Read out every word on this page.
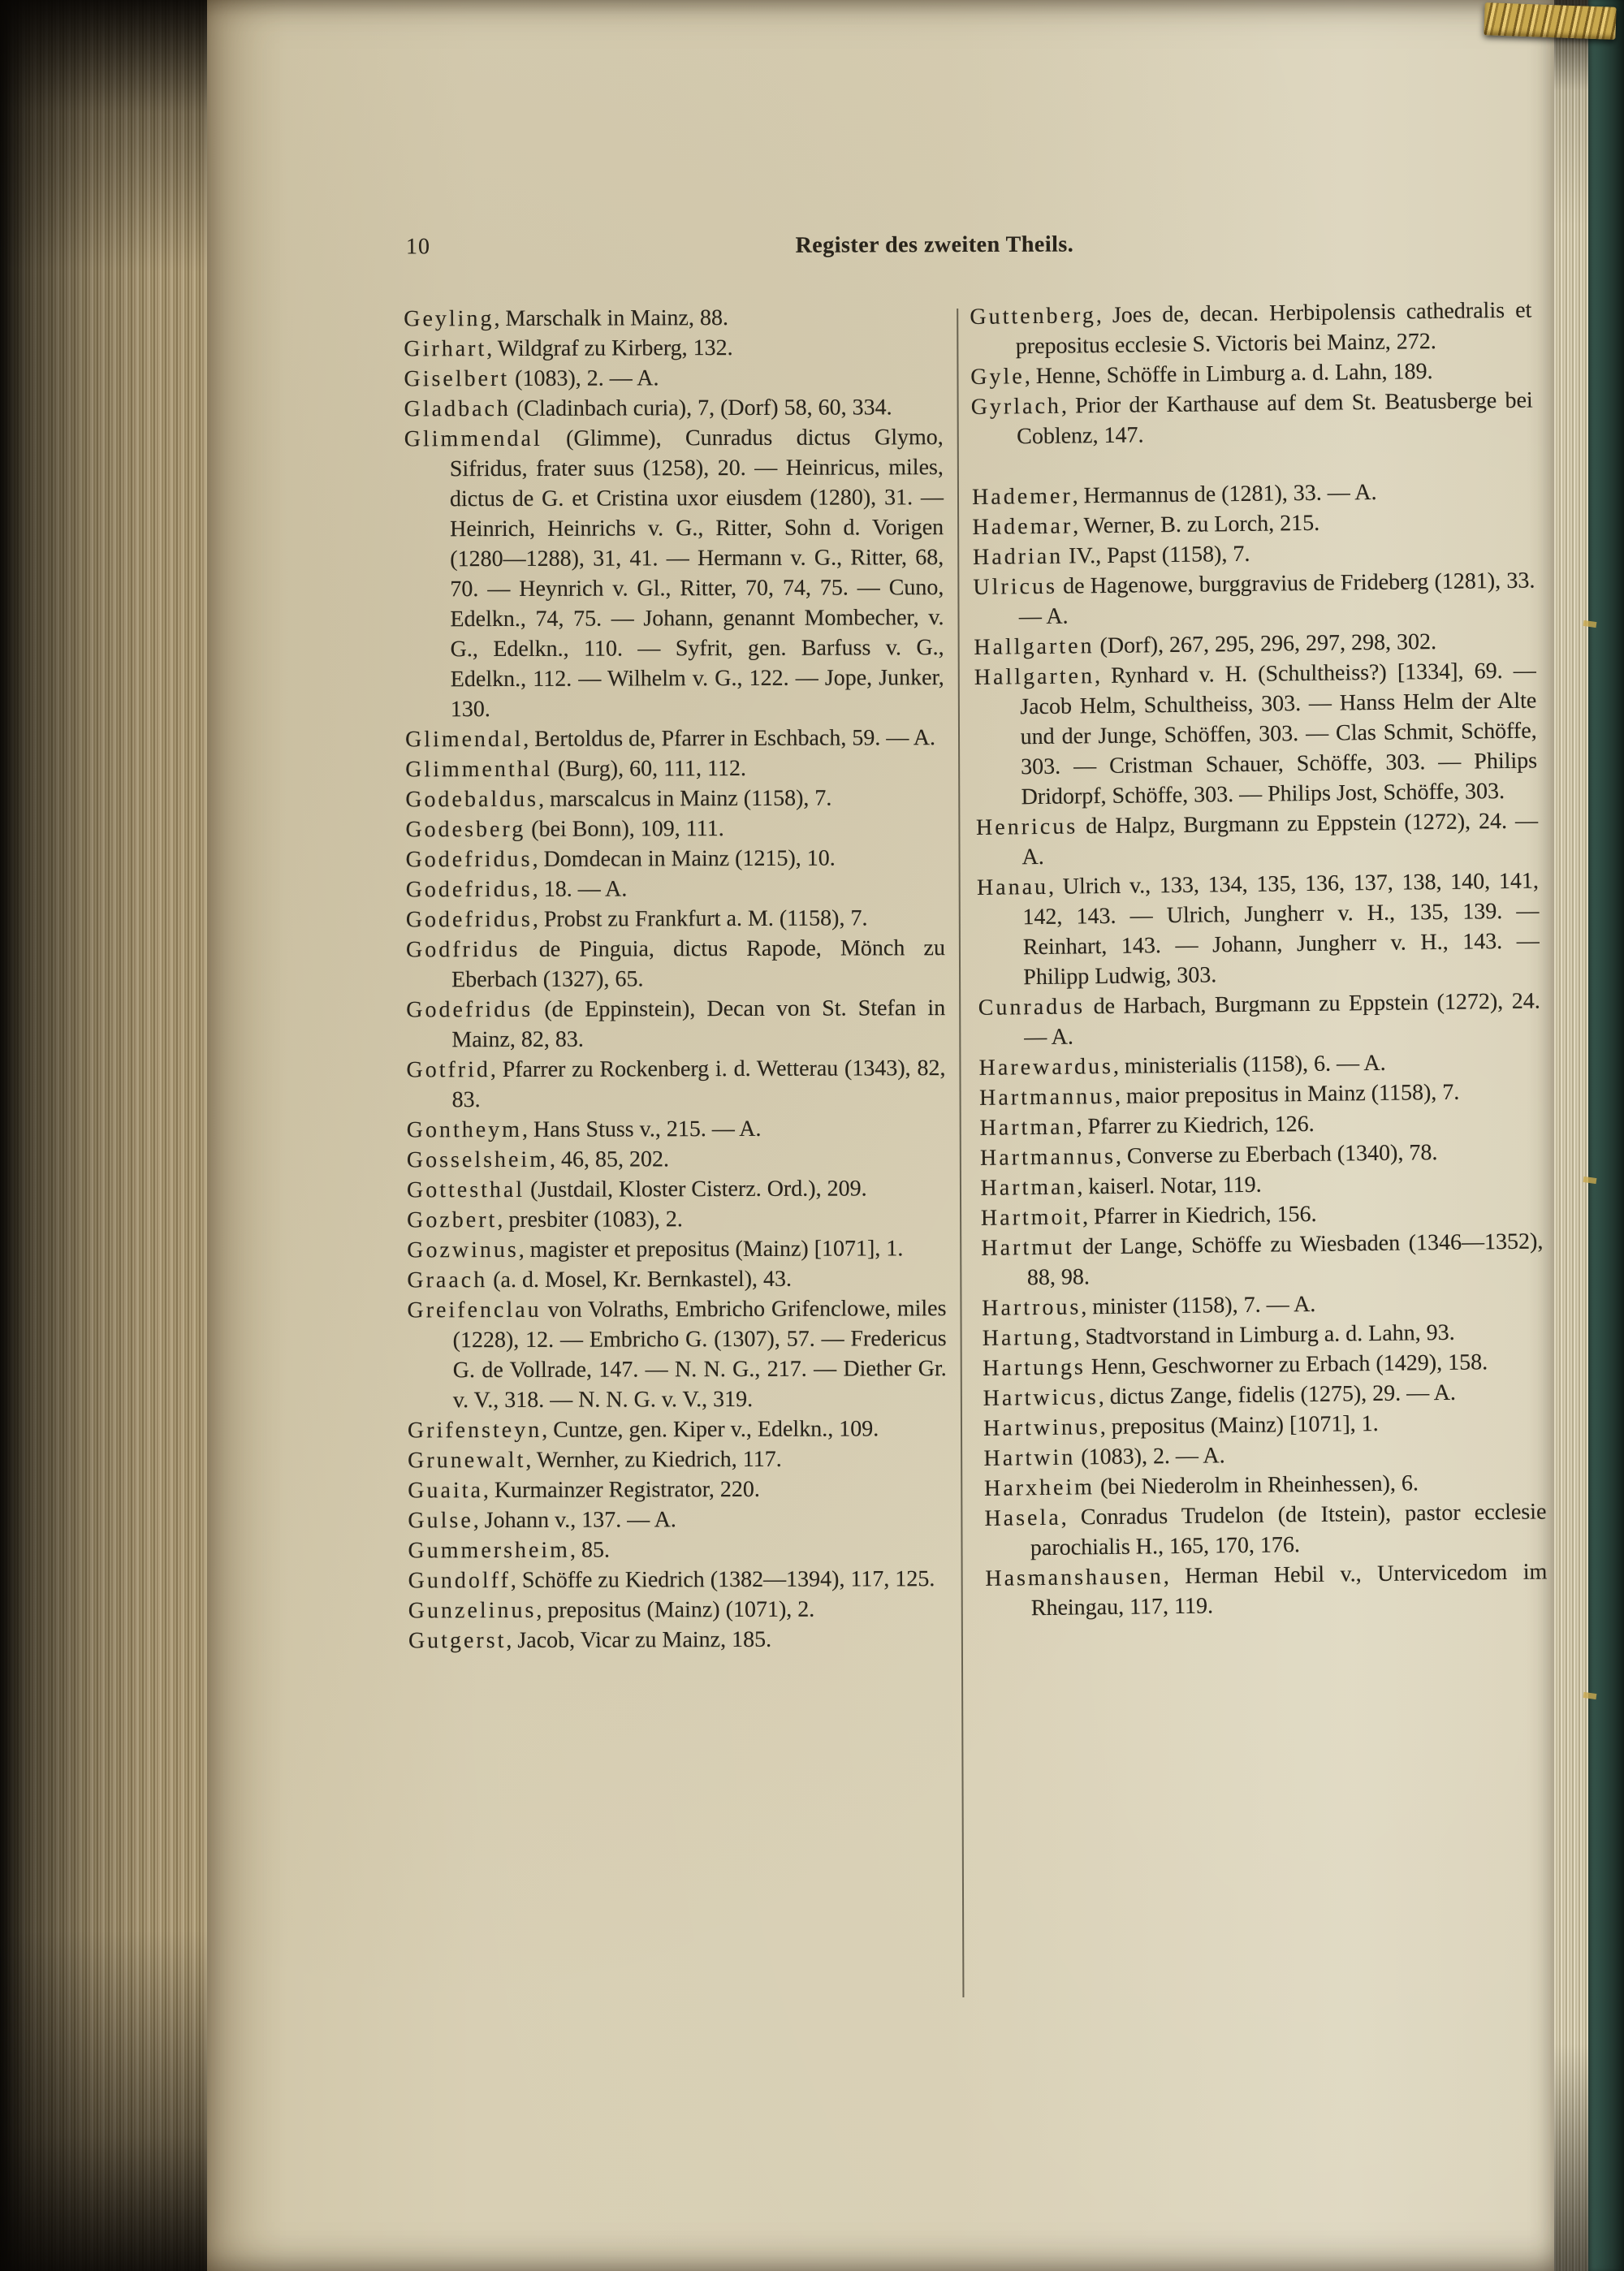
10	Register des zweiten Theils.
Geyling, Marschalk in Mainz, 88.
Girhart, Wildgraf zu Kirberg, 132.
Giselbert (1083), 2. — A.
Gladbach (Cladinbach curia), 7, (Dorf) 58, 60, 334.
Glimmendal (Glimme), Cunradus dictus Glymo, Sifridus, frater suus (1258), 20. — Heinricus, miles, dictus de G. et Cristina uxor eiusdem (1280), 31. — Heinrich, Heinrichs v. G., Ritter, Sohn d. Vorigen (1280—1288), 31, 41. — Hermann v. G., Ritter, 68, 70. — Heynrich v. Gl., Ritter, 70, 74, 75. — Cuno, Edelkn., 74, 75. — Johann, genannt Mombecher, v. G., Edelkn., 110. — Syfrit, gen. Barfuss v. G., Edelkn., 112. — Wilhelm v. G., 122. — Jope, Junker, 130.
Glimendal, Bertoldus de, Pfarrer in Eschbach, 59. — A.
Glimmenthal (Burg), 60, 111, 112.
Godebaldus, marscalcus in Mainz (1158), 7.
Godesberg (bei Bonn), 109, 111.
Godefridus, Domdecan in Mainz (1215), 10.
Godefridus, 18. — A.
Godefridus, Probst zu Frankfurt a. M. (1158), 7.
Godfridus de Pinguia, dictus Rapode, Mönch zu Eberbach (1327), 65.
Godefridus (de Eppinstein), Decan von St. Stefan in Mainz, 82, 83.
Gotfrid, Pfarrer zu Rockenberg i. d. Wetterau (1343), 82, 83.
Gontheym, Hans Stuss v., 215. — A.
Gosselsheim, 46, 85, 202.
Gottesthal (Justdail, Kloster Cisterz. Ord.), 209.
Gozbert, presbiter (1083), 2.
Gozwinus, magister et prepositus (Mainz) [1071], 1.
Graach (a. d. Mosel, Kr. Bernkastel), 43.
Greifenclau von Volraths, Embricho Grifenclowe, miles (1228), 12. — Embricho G. (1307), 57. — Fredericus G. de Vollrade, 147. — N. N. G., 217. — Diether Gr. v. V., 318. — N. N. G. v. V., 319.
Grifensteyn, Cuntze, gen. Kiper v., Edelkn., 109.
Grunewalt, Wernher, zu Kiedrich, 117.
Guaita, Kurmainzer Registrator, 220.
Gulse, Johann v., 137. — A.
Gummersheim, 85.
Gundolff, Schöffe zu Kiedrich (1382—1394), 117, 125.
Gunzelinus, prepositus (Mainz) (1071), 2.
Gutgerst, Jacob, Vicar zu Mainz, 185.
Guttenberg, Joes de, decan. Herbipolensis cathedralis et prepositus ecclesie S. Victoris bei Mainz, 272.
Gyle, Henne, Schöffe in Limburg a. d. Lahn, 189.
Gyrlach, Prior der Karthause auf dem St. Beatusberge bei Coblenz, 147.
Hademer, Hermannus de (1281), 33. — A.
Hademar, Werner, B. zu Lorch, 215.
Hadrian IV., Papst (1158), 7.
Ulricus de Hagenowe, burggravius de Frideberg (1281), 33. — A.
Hallgarten (Dorf), 267, 295, 296, 297, 298, 302.
Hallgarten, Rynhard v. H. (Schultheiss?) [1334], 69. — Jacob Helm, Schultheiss, 303. — Hanss Helm der Alte und der Junge, Schöffen, 303. — Clas Schmit, Schöffe, 303. — Cristman Schauer, Schöffe, 303. — Philips Dridorpf, Schöffe, 303. — Philips Jost, Schöffe, 303.
Henricus de Halpz, Burgmann zu Eppstein (1272), 24. — A.
Hanau, Ulrich v., 133, 134, 135, 136, 137, 138, 140, 141, 142, 143. — Ulrich, Jungherr v. H., 135, 139. — Reinhart, 143. — Johann, Jungherr v. H., 143. — Philipp Ludwig, 303.
Cunradus de Harbach, Burgmann zu Eppstein (1272), 24. — A.
Harewardus, ministerialis (1158), 6. — A.
Hartmannus, maior prepositus in Mainz (1158), 7.
Hartman, Pfarrer zu Kiedrich, 126.
Hartmannus, Converse zu Eberbach (1340), 78.
Hartman, kaiserl. Notar, 119.
Hartmoit, Pfarrer in Kiedrich, 156.
Hartmut der Lange, Schöffe zu Wiesbaden (1346—1352), 88, 98.
Hartrous, minister (1158), 7. — A.
Hartung, Stadtvorstand in Limburg a. d. Lahn, 93.
Hartungs Henn, Geschworner zu Erbach (1429), 158.
Hartwicus, dictus Zange, fidelis (1275), 29. — A.
Hartwinus, prepositus (Mainz) [1071], 1.
Hartwin (1083), 2. — A.
Harxheim (bei Niederolm in Rheinhessen), 6.
Hasela, Conradus Trudelon (de Itstein), pastor ecclesie parochialis H., 165, 170, 176.
Hasmanshausen, Herman Hebil v., Untervicedom im Rheingau, 117, 119.
